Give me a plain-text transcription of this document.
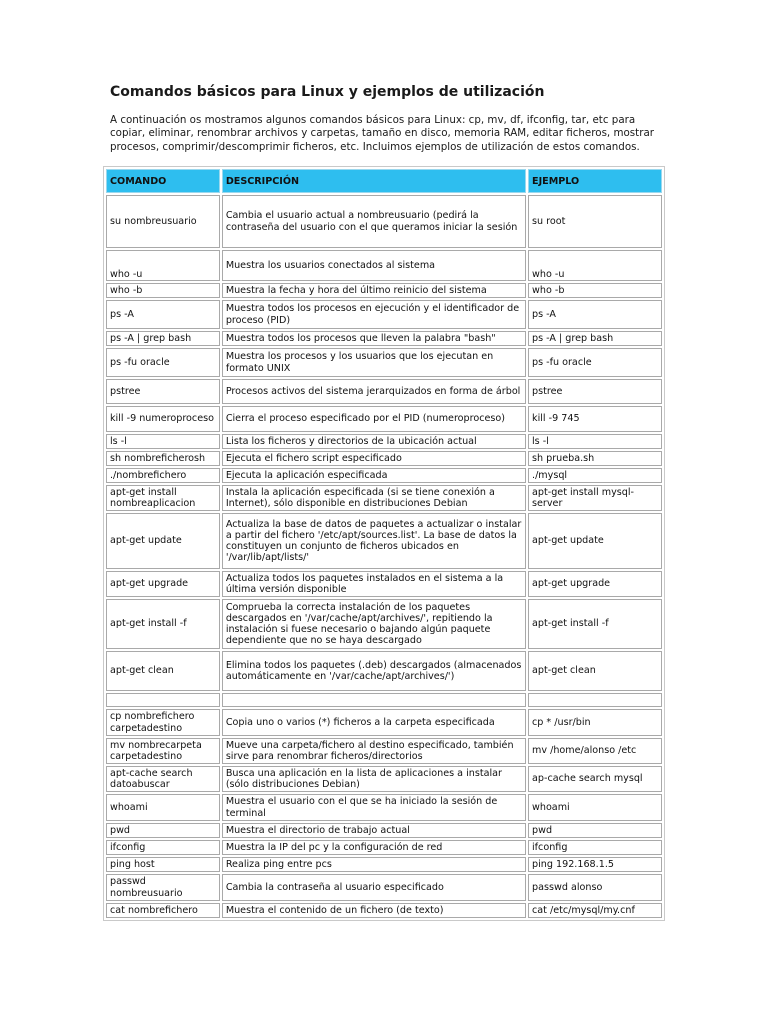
Comandos básicos para Linux y ejemplos de utilización
A continuación os mostramos algunos comandos básicos para Linux: cp, mv, df, ifconfig, tar, etc para copiar, eliminar, renombrar archivos y carpetas, tamaño en disco, memoria RAM, editar ficheros, mostrar procesos, comprimir/descomprimir ficheros, etc. Incluimos ejemplos de utilización de estos comandos.
COMANDO	DESCRIPCIÓN	EJEMPLO
su nombreusuario	Cambia el usuario actual a nombreusuario (pedirá la contraseña del usuario con el que queramos iniciar la sesión	su root
who -u	Muestra los usuarios conectados al sistema	who -u
who -b	Muestra la fecha y hora del último reinicio del sistema	who -b
ps -A	Muestra todos los procesos en ejecución y el identificador de proceso (PID)	ps -A
ps -A | grep bash	Muestra todos los procesos que lleven la palabra "bash"	ps -A | grep bash
ps -fu oracle	Muestra los procesos y los usuarios que los ejecutan en formato UNIX	ps -fu oracle
pstree	Procesos activos del sistema jerarquizados en forma de árbol	pstree
kill -9 numeroproceso	Cierra el proceso especificado por el PID (numeroproceso)	kill -9 745
ls -l	Lista los ficheros y directorios de la ubicación actual	ls -l
sh nombreficherosh	Ejecuta el fichero script especificado	sh prueba.sh
./nombrefichero	Ejecuta la aplicación especificada	./mysql
apt-get install nombreaplicacion	Instala la aplicación especificada (si se tiene conexión a Internet), sólo disponible en distribuciones Debian	apt-get install mysql-server
apt-get update	Actualiza la base de datos de paquetes a actualizar o instalar a partir del fichero '/etc/apt/sources.list'. La base de datos la constituyen un conjunto de ficheros ubicados en '/var/lib/apt/lists/'	apt-get update
apt-get upgrade	Actualiza todos los paquetes instalados en el sistema a la última versión disponible	apt-get upgrade
apt-get install -f	Comprueba la correcta instalación de los paquetes descargados en '/var/cache/apt/archives/', repitiendo la instalación si fuese necesario o bajando algún paquete dependiente que no se haya descargado	apt-get install -f
apt-get clean	Elimina todos los paquetes (.deb) descargados (almacenados automáticamente en '/var/cache/apt/archives/')	apt-get clean

cp nombrefichero carpetadestino	Copia uno o varios (*) ficheros a la carpeta especificada	cp * /usr/bin
mv nombrecarpeta carpetadestino	Mueve una carpeta/fichero al destino especificado, también sirve para renombrar ficheros/directorios	mv /home/alonso /etc
apt-cache search datoabuscar	Busca una aplicación en la lista de aplicaciones a instalar (sólo distribuciones Debian)	ap-cache search mysql
whoami	Muestra el usuario con el que se ha iniciado la sesión de terminal	whoami
pwd	Muestra el directorio de trabajo actual	pwd
ifconfig	Muestra la IP del pc y la configuración de red	ifconfig
ping host	Realiza ping entre pcs	ping 192.168.1.5
passwd nombreusuario	Cambia la contraseña al usuario especificado	passwd alonso
cat nombrefichero	Muestra el contenido de un fichero (de texto)	cat /etc/mysql/my.cnf
